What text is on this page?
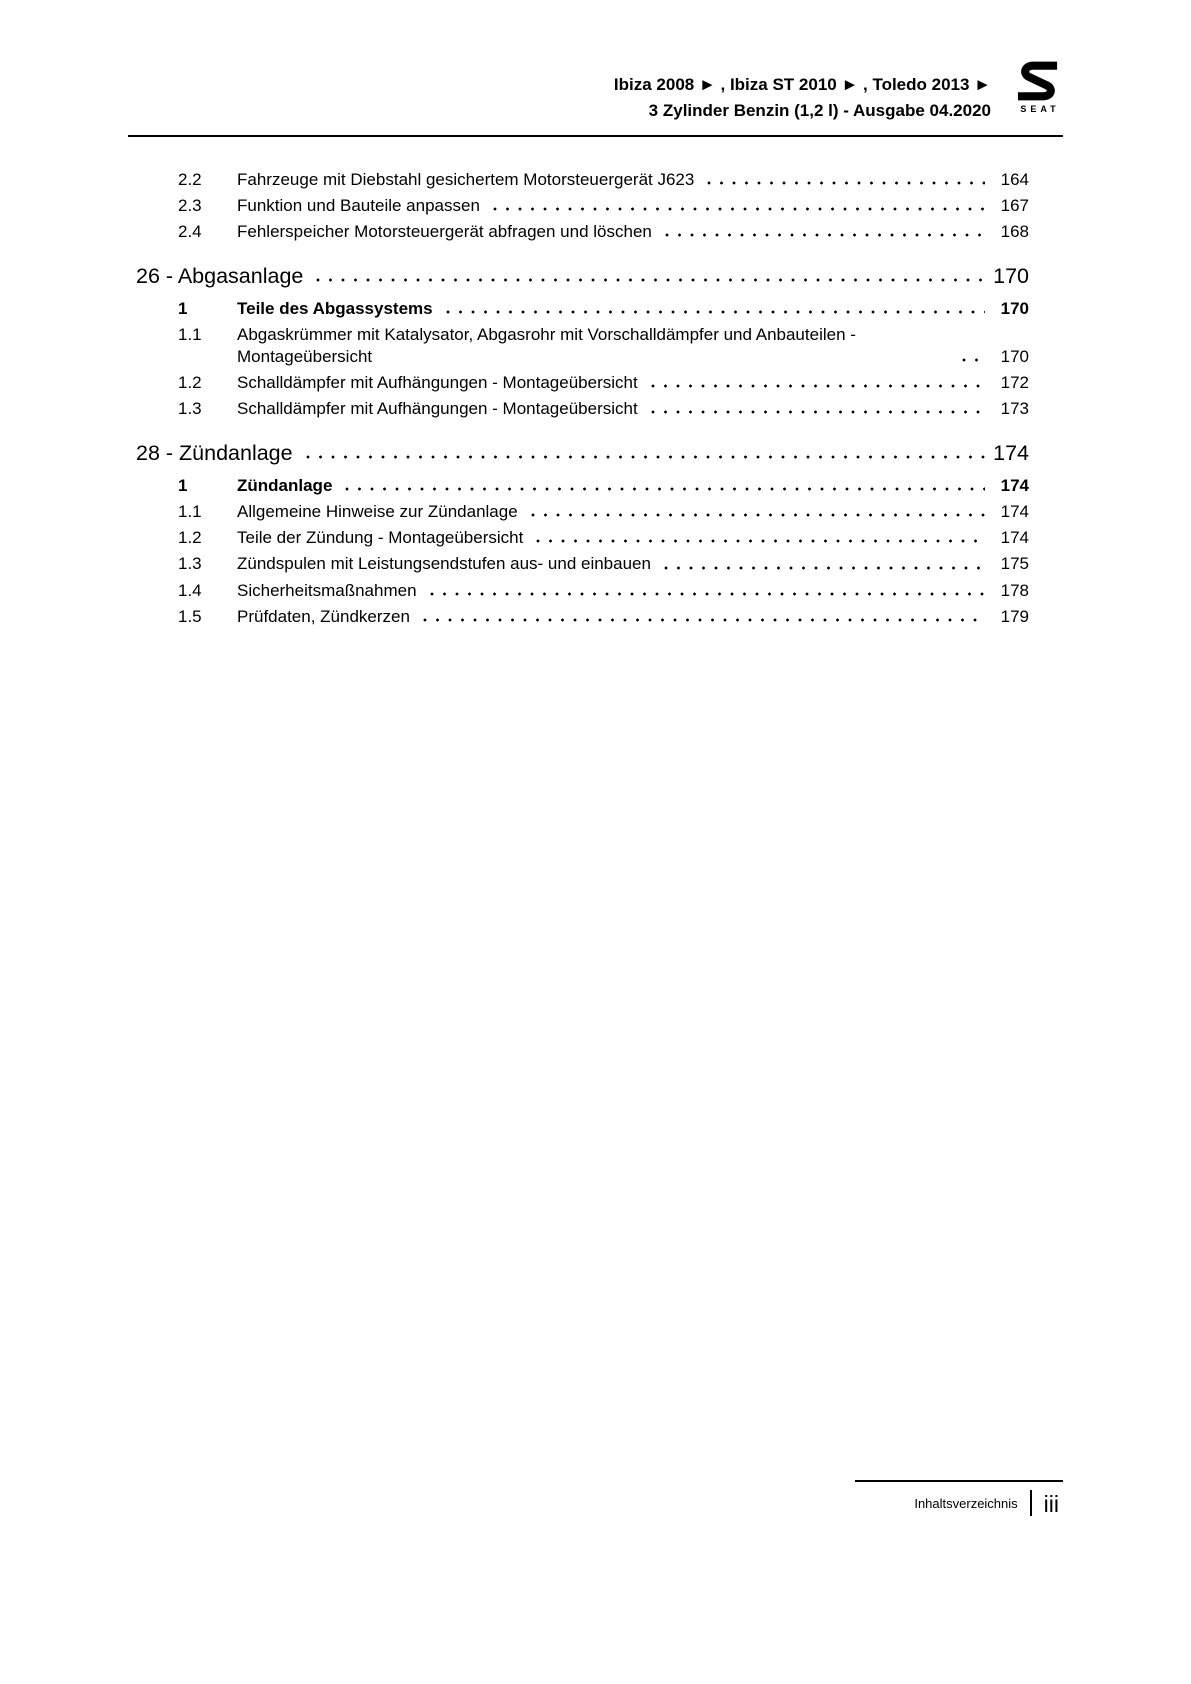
Ibiza 2008 ► , Ibiza ST 2010 ► , Toledo 2013 ►
3 Zylinder Benzin (1,2 l) - Ausgabe 04.2020	SEAT
2.2	Fahrzeuge mit Diebstahl gesichertem Motorsteuergerät J623	164
2.3	Funktion und Bauteile anpassen	167
2.4	Fehlerspeicher Motorsteuergerät abfragen und löschen	168
26 - Abgasanlage	170
1	Teile des Abgassystems	170
1.1	Abgaskrümmer mit Katalysator, Abgasrohr mit Vorschalldämpfer und Anbauteilen - Montageübersicht	170
1.2	Schalldämpfer mit Aufhängungen - Montageübersicht	172
1.3	Schalldämpfer mit Aufhängungen - Montageübersicht	173
28 - Zündanlage	174
1	Zündanlage	174
1.1	Allgemeine Hinweise zur Zündanlage	174
1.2	Teile der Zündung - Montageübersicht	174
1.3	Zündspulen mit Leistungsendstufen aus- und einbauen	175
1.4	Sicherheitsmaßnahmen	178
1.5	Prüfdaten, Zündkerzen	179
Inhaltsverzeichnis iii
